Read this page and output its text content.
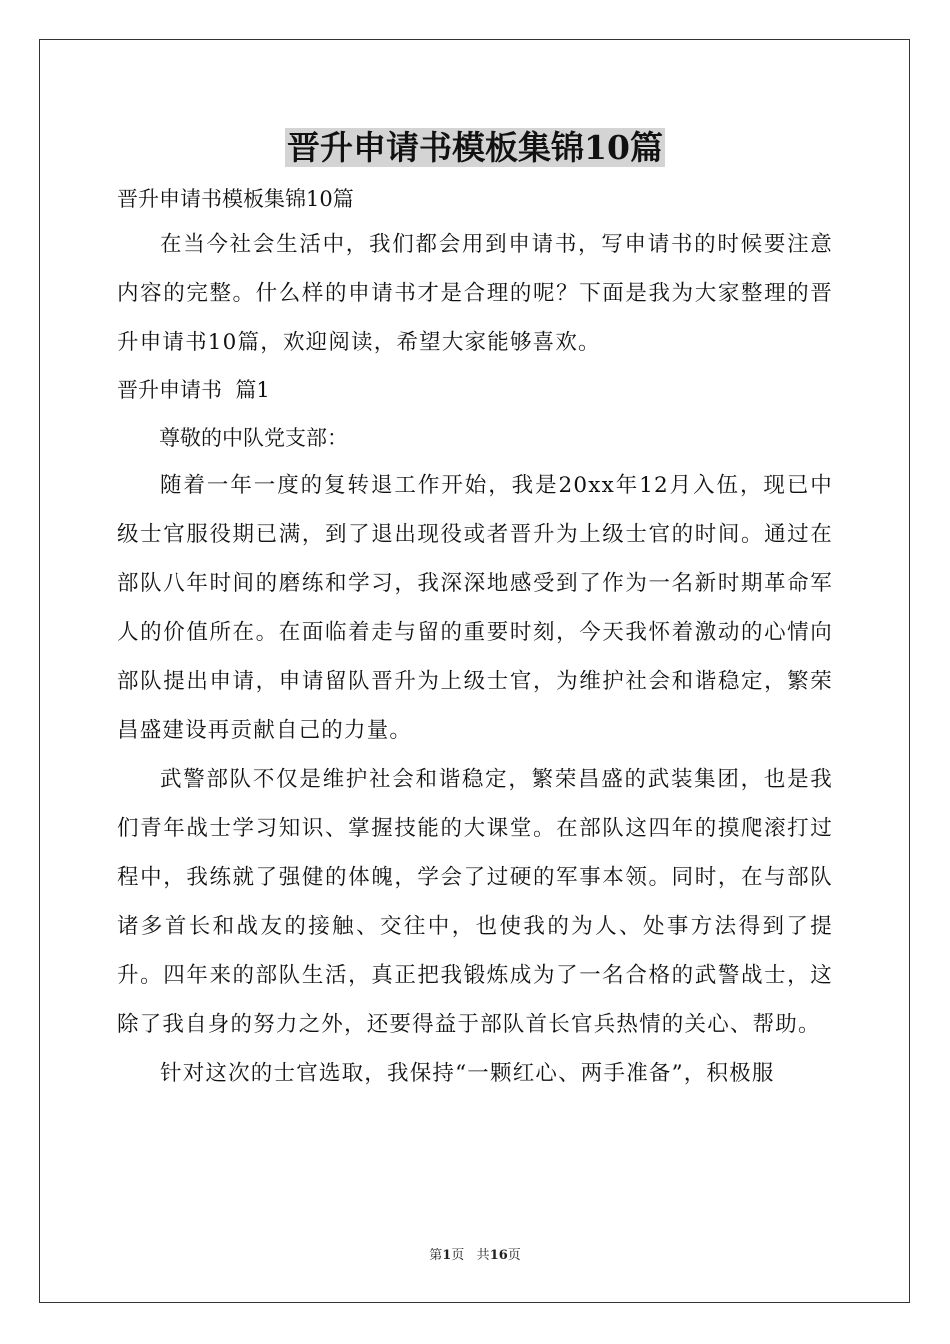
晋升申请书模板集锦10篇

晋升申请书模板集锦10篇

在当今社会生活中，我们都会用到申请书，写申请书的时候要注意内容的完整。什么样的申请书才是合理的呢？下面是我为大家整理的晋升申请书10篇，欢迎阅读，希望大家能够喜欢。

晋升申请书  篇1

尊敬的中队党支部：

随着一年一度的复转退工作开始，我是20xx年12月入伍，现已中级士官服役期已满，到了退出现役或者晋升为上级士官的时间。通过在部队八年时间的磨练和学习，我深深地感受到了作为一名新时期革命军人的价值所在。在面临着走与留的重要时刻，今天我怀着激动的心情向部队提出申请，申请留队晋升为上级士官，为维护社会和谐稳定，繁荣昌盛建设再贡献自己的力量。

武警部队不仅是维护社会和谐稳定，繁荣昌盛的武装集团，也是我们青年战士学习知识、掌握技能的大课堂。在部队这四年的摸爬滚打过程中，我练就了强健的体魄，学会了过硬的军事本领。同时，在与部队诸多首长和战友的接触、交往中，也使我的为人、处事方法得到了提升。四年来的部队生活，真正把我锻炼成为了一名合格的武警战士，这除了我自身的努力之外，还要得益于部队首长官兵热情的关心、帮助。

针对这次的士官选取，我保持“一颗红心、两手准备”，积极服

第1页 共16页
